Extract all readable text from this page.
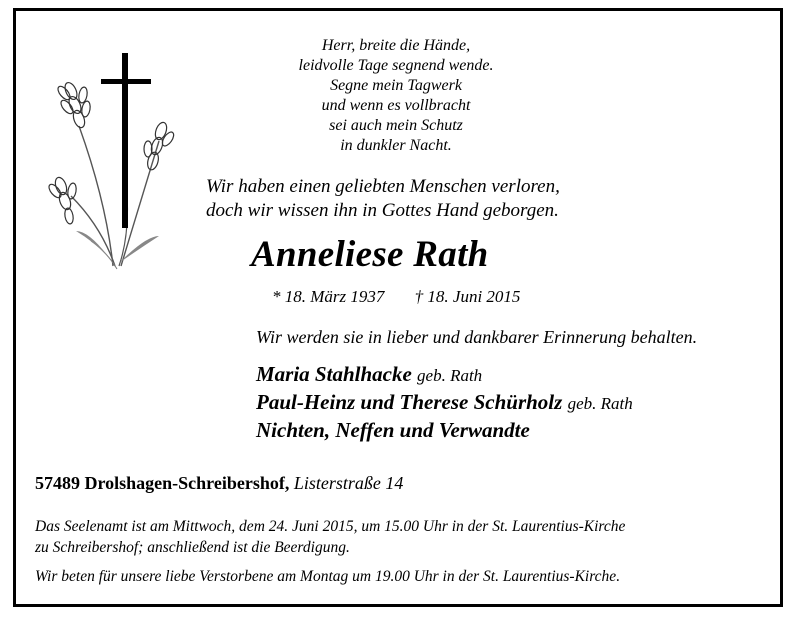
Herr, breite die Hände,
leidvolle Tage segnend wende.
Segne mein Tagwerk
und wenn es vollbracht
sei auch mein Schutz
in dunkler Nacht.
Wir haben einen geliebten Menschen verloren,
doch wir wissen ihn in Gottes Hand geborgen.
Anneliese Rath
* 18. März 1937 † 18. Juni 2015
Wir werden sie in lieber und dankbarer Erinnerung behalten.
Maria Stahlhacke geb. Rath
Paul-Heinz und Therese Schürholz geb. Rath
Nichten, Neffen und Verwandte
57489 Drolshagen-Schreibershof, Listerstraße 14
Das Seelenamt ist am Mittwoch, dem 24. Juni 2015, um 15.00 Uhr in der St. Laurentius-Kirche
zu Schreibershof; anschließend ist die Beerdigung.
Wir beten für unsere liebe Verstorbene am Montag um 19.00 Uhr in der St. Laurentius-Kirche.
